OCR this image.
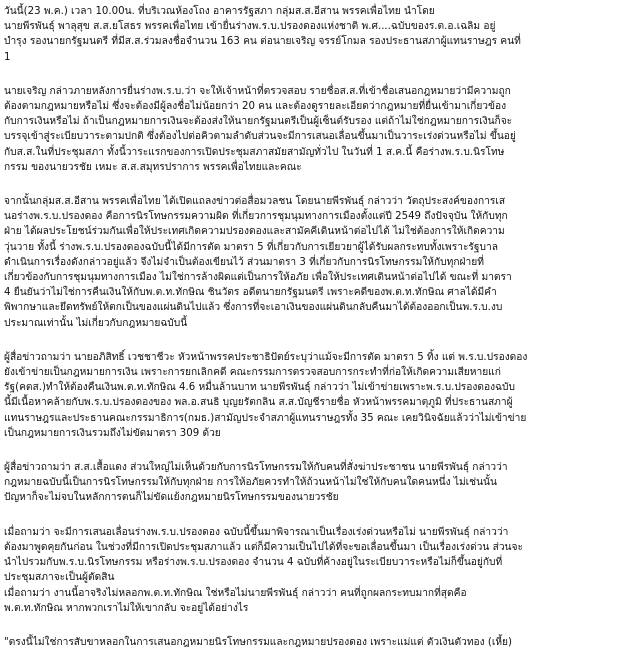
วันนี้(23 พ.ค.) เวลา 10.00น. ที่บริเวณห้องโถง อาคารรัฐสภา กลุ่มส.ส.อีสาน พรรคเพื่อไทย นำโดย
นายพีรพันธ์ุ พาลุสุข ส.ส.ยโสธร พรรคเพื่อไทย เข้ายื่นร่างพ.ร.บ.ปรองดองแห่งชาติ พ.ศ....ฉบับของร.ต.อ.เฉลิม อยู่
บำรุง รองนายกรัฐมนตรี ที่มีส.ส.ร่วมลงชื่อจำนวน 163 คน ต่อนายเจริญ จรรย์โกมล รองประธานสภาผู้แทนราษฎร คนที่
1

นายเจริญ กล่าวภายหลังการยื่นร่างพ.ร.บ.ว่า จะให้เจ้าหน้าที่ตรวจสอบ รายชื่อส.ส.ที่เข้าชื่อเสนอกฎหมายว่ามีความถูก
ต้องตามกฎหมายหรือไม่ ซึ่งจะต้องมีผู้ลงชื่อไม่น้อยกว่า 20 คน และต้องดูรายละเอียดว่ากฎหมายที่ยื่นเข้ามาเกี่ยวข้อง
กับการเงินหรือไม่ ถ้าเป็นกฎหมายการเงินจะต้องส่งให้นายกรัฐมนตรีเป็นผู้เซ็นต์รับรอง แต่ถ้าไม่ใช่กฎหมายการเงินก็จะ
บรรจุเข้าสู่ระเบียบวาระตามปกติ ซึ่งต้องไปต่อคิวตามลำดับส่วนจะมีการเสนอเลื่อนขึ้นมาเป็นวาระเร่งด่วนหรือไม่ ขึ้นอยู่
กับส.ส.ในที่ประชุมสภา ทั้งนี้วาระแรกของการเปิดประชุมสภาสมัยสามัญทั่วไป ในวันที่ 1 ส.ค.นี้ คือร่างพ.ร.บ.นิรโทษ
กรรม ของนายวรชัย เหมะ ส.ส.สมุทรปราการ พรรคเพื่อไทยและคณะ

จากนั้นกลุ่มส.ส.อีสาน พรรคเพื่อไทย ได้เปิดแถลงข่าวต่อสื่อมวลชน โดยนายพีรพันธ์ุ กล่าวว่า วัตถุประสงค์ของการเส
นอร่างพ.ร.บ.ปรองดอง คือการนิรโทษกรรมความผิด ที่เกี่ยวการชุมนุมทางการเมืองตั้งแต่ปี 2549 ถึงปัจจุบัน ให้กับทุก
ฝ่าย ได้ผลประโยชน์ร่วมกันเพื่อให้ประเทศเกิดความปรองดองและสามัคคีเดินหน้าต่อไปได้ ไม่ใช่ต้องการให้เกิดความ
วุ่นวาย ทั้งนี้ ร่างพ.ร.บ.ปรองดองฉบับนี้ได้มีการตัด มาตรา 5 ที่เกี่ยวกับการเยียวยาผู้ได้รับผลกระทบทั้งเพราะรัฐบาล
ดำเนินการเรื่องดังกล่าวอยู่แล้ว จึงไม่จำเป็นต้องเขียนไว้ ส่วนมาตรา 3 ที่เกี่ยวกับการนิรโทษกรรมให้กับทุกฝ่ายที่
เกี่ยวข้องกับการชุมนุมทางการเมือง ไม่ใช่การล้างผิดแต่เป็นการให้อภัย เพื่อให้ประเทศเดินหน้าต่อไปได้ ขณะที่ มาตรา
4 ยืนยันว่าไม่ใช่การคืนเงินให้กับพ.ต.ท.ทักษิณ ชินวัตร อดีตนายกรัฐมนตรี เพราะคดีของพ.ต.ท.ทักษิณ ศาลได้มีคำ
พิพากษาและยึดทรัพย์ให้ตกเป็นของแผ่นดินไปแล้ว ซึ่งการที่จะเอาเงินของแผ่นดินกลับคืนมาได้ต้องออกเป็นพ.ร.บ.งบ
ประมาณเท่านั้น ไม่เกี่ยวกับกฎหมายฉบับนี้

ผู้สื่อข่าวถามว่า นายอภิสิทธิ์ เวชชาชีวะ หัวหน้าพรรคประชาธิปัตย์ระบุว่าแม้จะมีการตัด มาตรา 5 ทิ้ง แต่ พ.ร.บ.ปรองดอง
ยังเข้าข่ายเป็นกฎหมายการเงิน เพราะการยกเลิกคดี คณะกรรมการตรวจสอบการกระทำที่ก่อให้เกิดความเสียหายแก่
รัฐ(คตส.)ทำให้ต้องคืนเงินพ.ต.ท.ทักษิณ 4.6 หมื่นล้านบาท นายพีรพันธ์ุ กล่าวว่า ไม่เข้าข่ายเพราะพ.ร.บ.ปรองดองฉบับ
นี้มีเนื้อหาคล้ายกับพ.ร.บ.ปรองดองของ พล.อ.สนธิ บุญยรัตกลิน ส.ส.บัญชีรายชื่อ หัวหน้าพรรคมาตุภูมิ ที่ประธานสภาผู้
แทนราษฎรและประธานคณะกรรมาธิการ(กมธ.)สามัญประจำสภาผู้แทนราษฎรทั้ง 35 คณะ เคยวินิจฉัยแล้วว่าไม่เข้าข่าย
เป็นกฎหมายการเงินรวมถึงไม่ขัดมาตรา 309 ด้วย

ผู้สื่อข่าวถามว่า ส.ส.เสื้อแดง ส่วนใหญ่ไม่เห็นด้วยกับการนิรโทษกรรมให้กับคนที่สั่งฆ่าประชาชน นายพีรพันธ์ุ กล่าวว่า
กฎหมายฉบับนี้เป็นการนิรโทษกรรมให้กับทุกฝ่าย การให้อภัยควรทำให้ถ้วนหน้าไม่ใช่ให้กับคนใดคนหนึ่ง ไม่เช่นนั้น
ปัญหาก็จะไม่จบในหลักการตนก็ไม่ขัดแย้งกฎหมายนิรโทษกรรมของนายวรชัย

เมื่อถามว่า จะมีการเสนอเลื่อนร่างพ.ร.บ.ปรองดอง ฉบับนี้ขึ้นมาพิจารณาเป็นเรื่องเร่งด่วนหรือไม่ นายพีรพันธ์ุ กล่าวว่า
ต้องมาพูดคุยกันก่อน ในช่วงที่มีการเปิดประชุมสภาแล้ว แต่ก็มีความเป็นไปได้ที่จะขอเลื่อนขึ้นมา เป็นเรื่องเร่งด่วน ส่วนจะ
นำไปรวมกับพ.ร.บ.นิรโทษกรรม หรือร่างพ.ร.บ.ปรองดอง จำนวน 4 ฉบับที่ค้างอยู่ในระเบียบวาระหรือไม่ก็ขึ้นอยู่กับที่
ประชุมสภาจะเป็นผู้ตัดสิน
เมื่อถามว่า งานนี้อาจริงไม่หลอกพ.ต.ท.ทักษิณ ใช่หรือไม่นายพีรพันธ์ุ กล่าวว่า คนที่ถูกผลกระทบมากที่สุดคือ
พ.ต.ท.ทักษิณ หากพวกเราไม่ให้เขากลับ จะอยู่ได้อย่างไร

"ตรงนี้ไม่ใช่การสับขาหลอกในการเสนอกฎหมายนิรโทษกรรมและกฎหมายปรองดอง เพราะแม่แต่ ตัวเงินตัวทอง (เหี้ย)
